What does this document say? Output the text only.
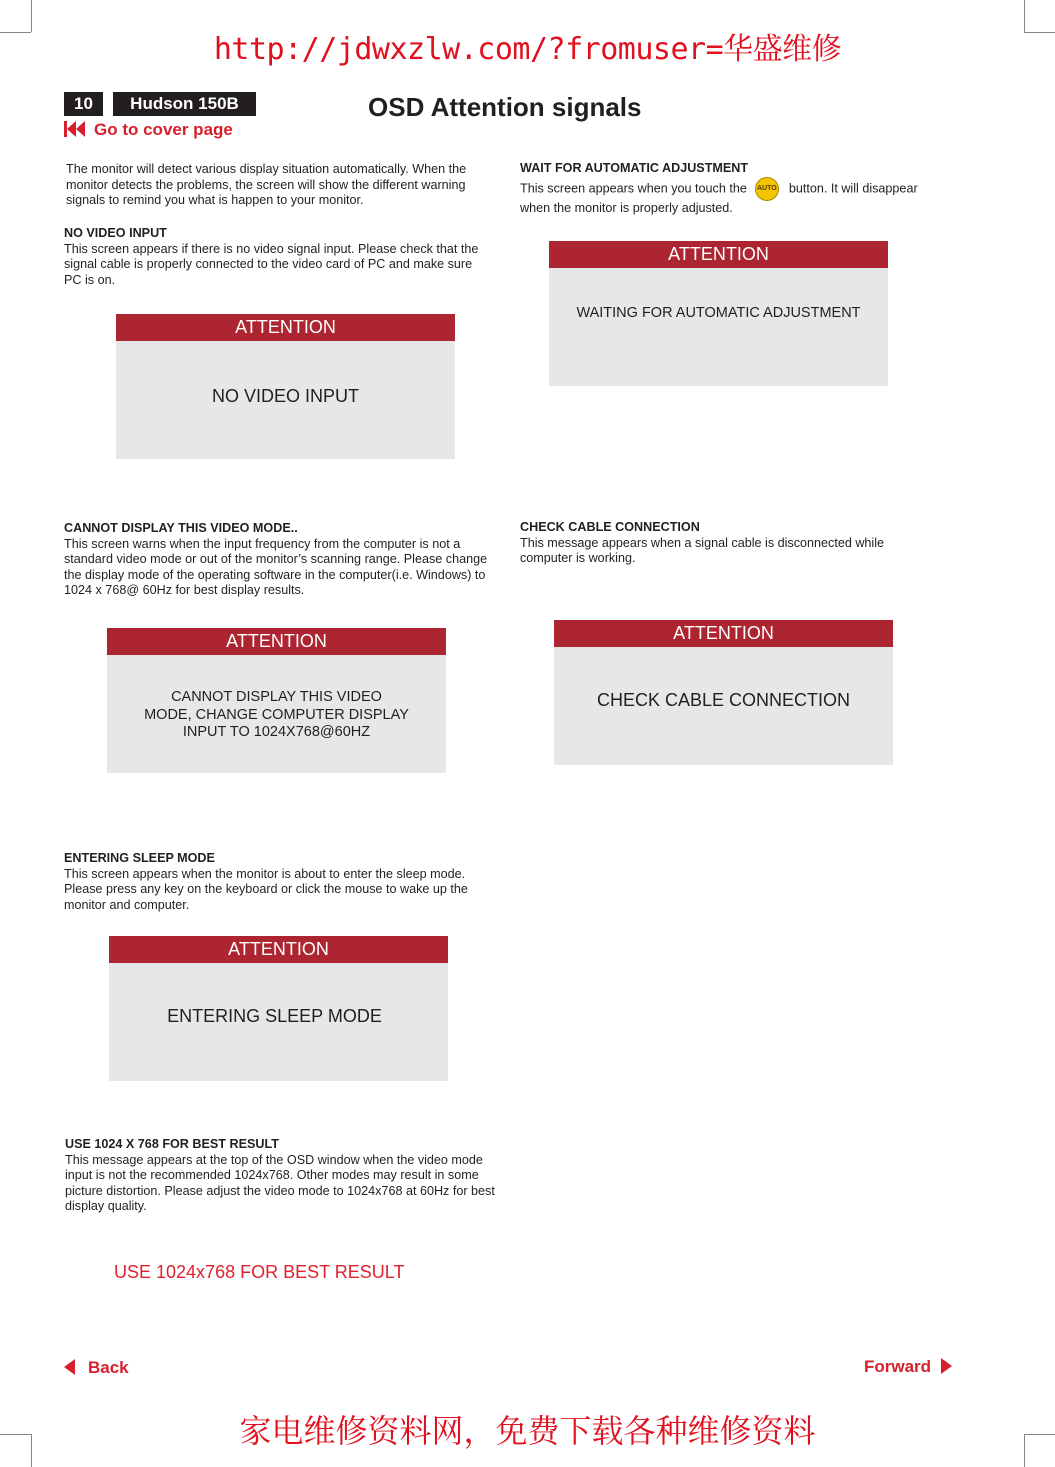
http://jdwxzlw.com/?fromuser=华盛维修
10	Hudson 150B
Go to cover page
OSD Attention signals

The monitor will detect various display situation automatically. When the monitor detects the problems, the screen will show the different warning signals to remind you what is happen to your monitor.

NO VIDEO INPUT

This screen appears if there is no video signal input. Please check that the signal cable is properly connected to the video card of PC and make sure PC is on.

ATTENTION
NO VIDEO INPUT
WAIT FOR AUTOMATIC ADJUSTMENT

This screen appears when you touch the AUTO button. It will disappear when the monitor is properly adjusted.

ATTENTION
WAITING FOR AUTOMATIC ADJUSTMENT
CANNOT DISPLAY THIS VIDEO MODE..

This screen warns when the input frequency from the computer is not a standard video mode or out of the monitor’s scanning range. Please change the display mode of the operating software in the computer(i.e. Windows) to 1024 x 768@ 60Hz for best display results.

ATTENTION
CANNOT DISPLAY THIS VIDEO
MODE, CHANGE COMPUTER DISPLAY
INPUT TO 1024X768@60HZ
CHECK CABLE CONNECTION

This message appears when a signal cable is disconnected while computer is working.

ATTENTION
CHECK CABLE CONNECTION
ENTERING SLEEP MODE

This screen appears when the monitor is about to enter the sleep mode. Please press any key on the keyboard or click the mouse to wake up the monitor and computer.

ATTENTION
ENTERING SLEEP MODE
USE 1024 X 768 FOR BEST RESULT

This message appears at the top of the OSD window when the video mode input is not the recommended 1024x768. Other modes may result in some picture distortion. Please adjust the video mode to 1024x768 at 60Hz for best display quality.

USE 1024x768 FOR BEST RESULT
Back	Forward
家电维修资料网，免费下载各种维修资料
